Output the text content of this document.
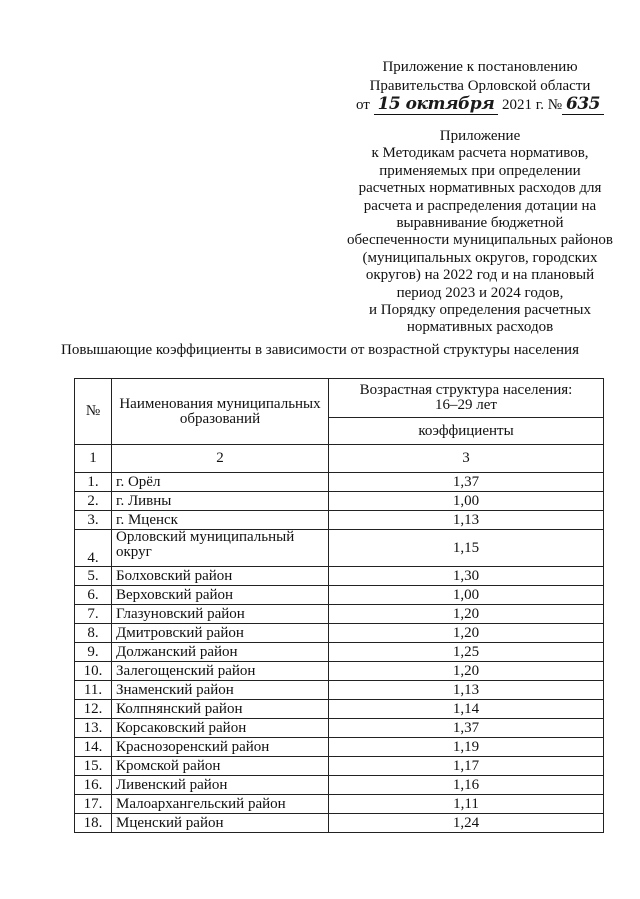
Приложение к постановлению
Правительства Орловской области
от 15 октября 2021 г. № 635
Приложение
к Методикам расчета нормативов,
применяемых при определении
расчетных нормативных расходов для
расчета и распределения дотации на
выравнивание бюджетной
обеспеченности муниципальных районов
(муниципальных округов, городских
округов) на 2022 год и на плановый
период 2023 и 2024 годов,
и Порядку определения расчетных
нормативных расходов
Повышающие коэффициенты в зависимости от возрастной структуры населения
№	Наименования муниципальных образований	Возрастная структура населения:
16–29 лет

		коэффициенты
1	2	3
1.	г. Орёл	1,37
2.	г. Ливны	1,00
3.	г. Мценск	1,13
4.	Орловский муниципальный округ	1,15
5.	Болховский район	1,30
6.	Верховский район	1,00
7.	Глазуновский район	1,20
8.	Дмитровский район	1,20
9.	Должанский район	1,25
10.	Залегощенский район	1,20
11.	Знаменский район	1,13
12.	Колпнянский район	1,14
13.	Корсаковский район	1,37
14.	Краснозоренский район	1,19
15.	Кромской район	1,17
16.	Ливенский район	1,16
17.	Малоархангельский район	1,11
18.	Мценский район	1,24
